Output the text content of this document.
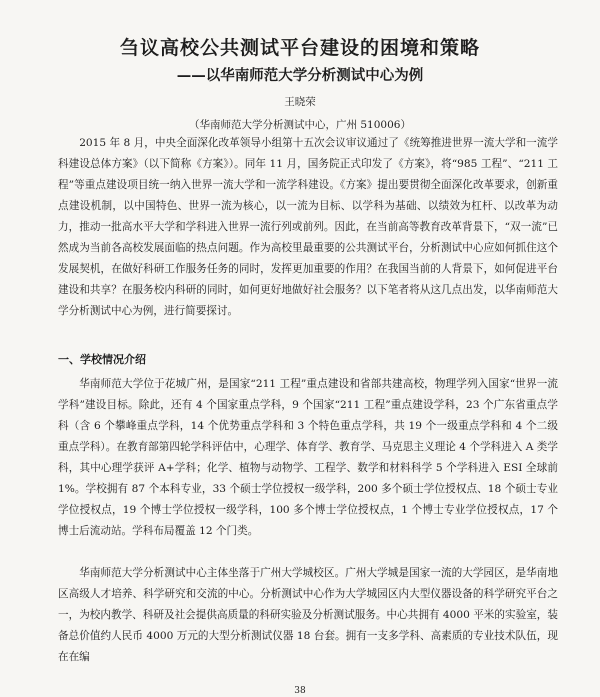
刍议高校公共测试平台建设的困境和策略
——以华南师范大学分析测试中心为例
王晓荣
（华南师范大学分析测试中心，广州 510006）
2015 年 8 月，中央全面深化改革领导小组第十五次会议审议通过了《统筹推进世界一流大学和一流学科建设总体方案》（以下简称《方案》）。同年 11 月，国务院正式印发了《方案》，将“985 工程”、“211 工程”等重点建设项目统一纳入世界一流大学和一流学科建设。《方案》提出要贯彻全面深化改革要求，创新重点建设机制，以中国特色、世界一流为核心，以一流为目标、以学科为基础、以绩效为杠杆、以改革为动力，推动一批高水平大学和学科进入世界一流行列或前列。因此，在当前高等教育改革背景下，“双一流”已然成为当前各高校发展面临的热点问题。作为高校里最重要的公共测试平台，分析测试中心应如何抓住这个发展契机，在做好科研工作服务任务的同时，发挥更加重要的作用？在我国当前的人背景下，如何促进平台建设和共享？在服务校内科研的同时，如何更好地做好社会服务？以下笔者将从这几点出发，以华南师范大学分析测试中心为例，进行简要探讨。
一、学校情况介绍
华南师范大学位于花城广州，是国家“211 工程”重点建设和省部共建高校，物理学列入国家“世界一流学科”建设目标。除此，还有 4 个国家重点学科，9 个国家“211 工程”重点建设学科，23 个广东省重点学科（含 6 个攀峰重点学科，14 个优势重点学科和 3 个特色重点学科，共 19 个一级重点学科和 4 个二级重点学科）。在教育部第四轮学科评估中，心理学、体育学、教育学、马克思主义理论 4 个学科进入 A 类学科，其中心理学获评 A+学科；化学、植物与动物学、工程学、数学和材料科学 5 个学科进入 ESI 全球前 1%。学校拥有 87 个本科专业，33 个硕士学位授权一级学科，200 多个硕士学位授权点、18 个硕士专业学位授权点，19 个博士学位授权一级学科，100 多个博士学位授权点，1 个博士专业学位授权点，17 个博士后流动站。学科布局覆盖 12 个门类。
华南师范大学分析测试中心主体坐落于广州大学城校区。广州大学城是国家一流的大学园区，是华南地区高级人才培养、科学研究和交流的中心。分析测试中心作为大学城园区内大型仪器设备的科学研究平台之一，为校内教学、科研及社会提供高质量的科研实验及分析测试服务。中心共拥有 4000 平米的实验室，装备总价值约人民币 4000 万元的大型分析测试仪器 18 台套。拥有一支多学科、高素质的专业技术队伍，现在在编
38
